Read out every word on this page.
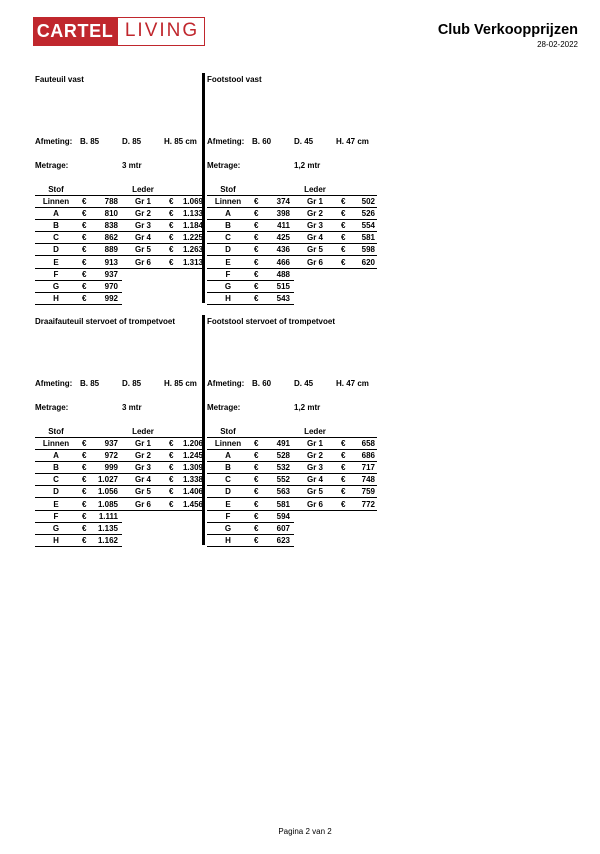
CARTEL LIVING	Club Verkoopprijzen
28-02-2022
Fauteuil vast
Afmeting: B. 85	D. 85	H. 85 cm
Metrage:	3 mtr
Stof	Leder
Linnen	€ 788	Gr 1	€ 1.069
A	€ 810	Gr 2	€ 1.133
B	€ 838	Gr 3	€ 1.184
C	€ 862	Gr 4	€ 1.225
D	€ 889	Gr 5	€ 1.263
E	€ 913	Gr 6	€ 1.313
F	€ 937
G	€ 970
H	€ 992
Footstool vast
Afmeting: B. 60	D. 45	H. 47 cm
Metrage:	1,2 mtr
Stof	Leder
Linnen	€ 374	Gr 1	€ 502
A	€ 398	Gr 2	€ 526
B	€ 411	Gr 3	€ 554
C	€ 425	Gr 4	€ 581
D	€ 436	Gr 5	€ 598
E	€ 466	Gr 6	€ 620
F	€ 488
G	€ 515
H	€ 543
Draaifauteuil stervoet of trompetvoet
Afmeting: B. 85	D. 85	H. 85 cm
Metrage:	3 mtr
Stof	Leder
Linnen	€ 937	Gr 1	€ 1.206
A	€ 972	Gr 2	€ 1.245
B	€ 999	Gr 3	€ 1.309
C	€ 1.027	Gr 4	€ 1.338
D	€ 1.056	Gr 5	€ 1.406
E	€ 1.085	Gr 6	€ 1.456
F	€ 1.111
G	€ 1.135
H	€ 1.162
Footstool stervoet of trompetvoet
Afmeting: B. 60	D. 45	H. 47 cm
Metrage:	1,2 mtr
Stof	Leder
Linnen	€ 491	Gr 1	€ 658
A	€ 528	Gr 2	€ 686
B	€ 532	Gr 3	€ 717
C	€ 552	Gr 4	€ 748
D	€ 563	Gr 5	€ 759
E	€ 581	Gr 6	€ 772
F	€ 594
G	€ 607
H	€ 623
Pagina 2 van 2
